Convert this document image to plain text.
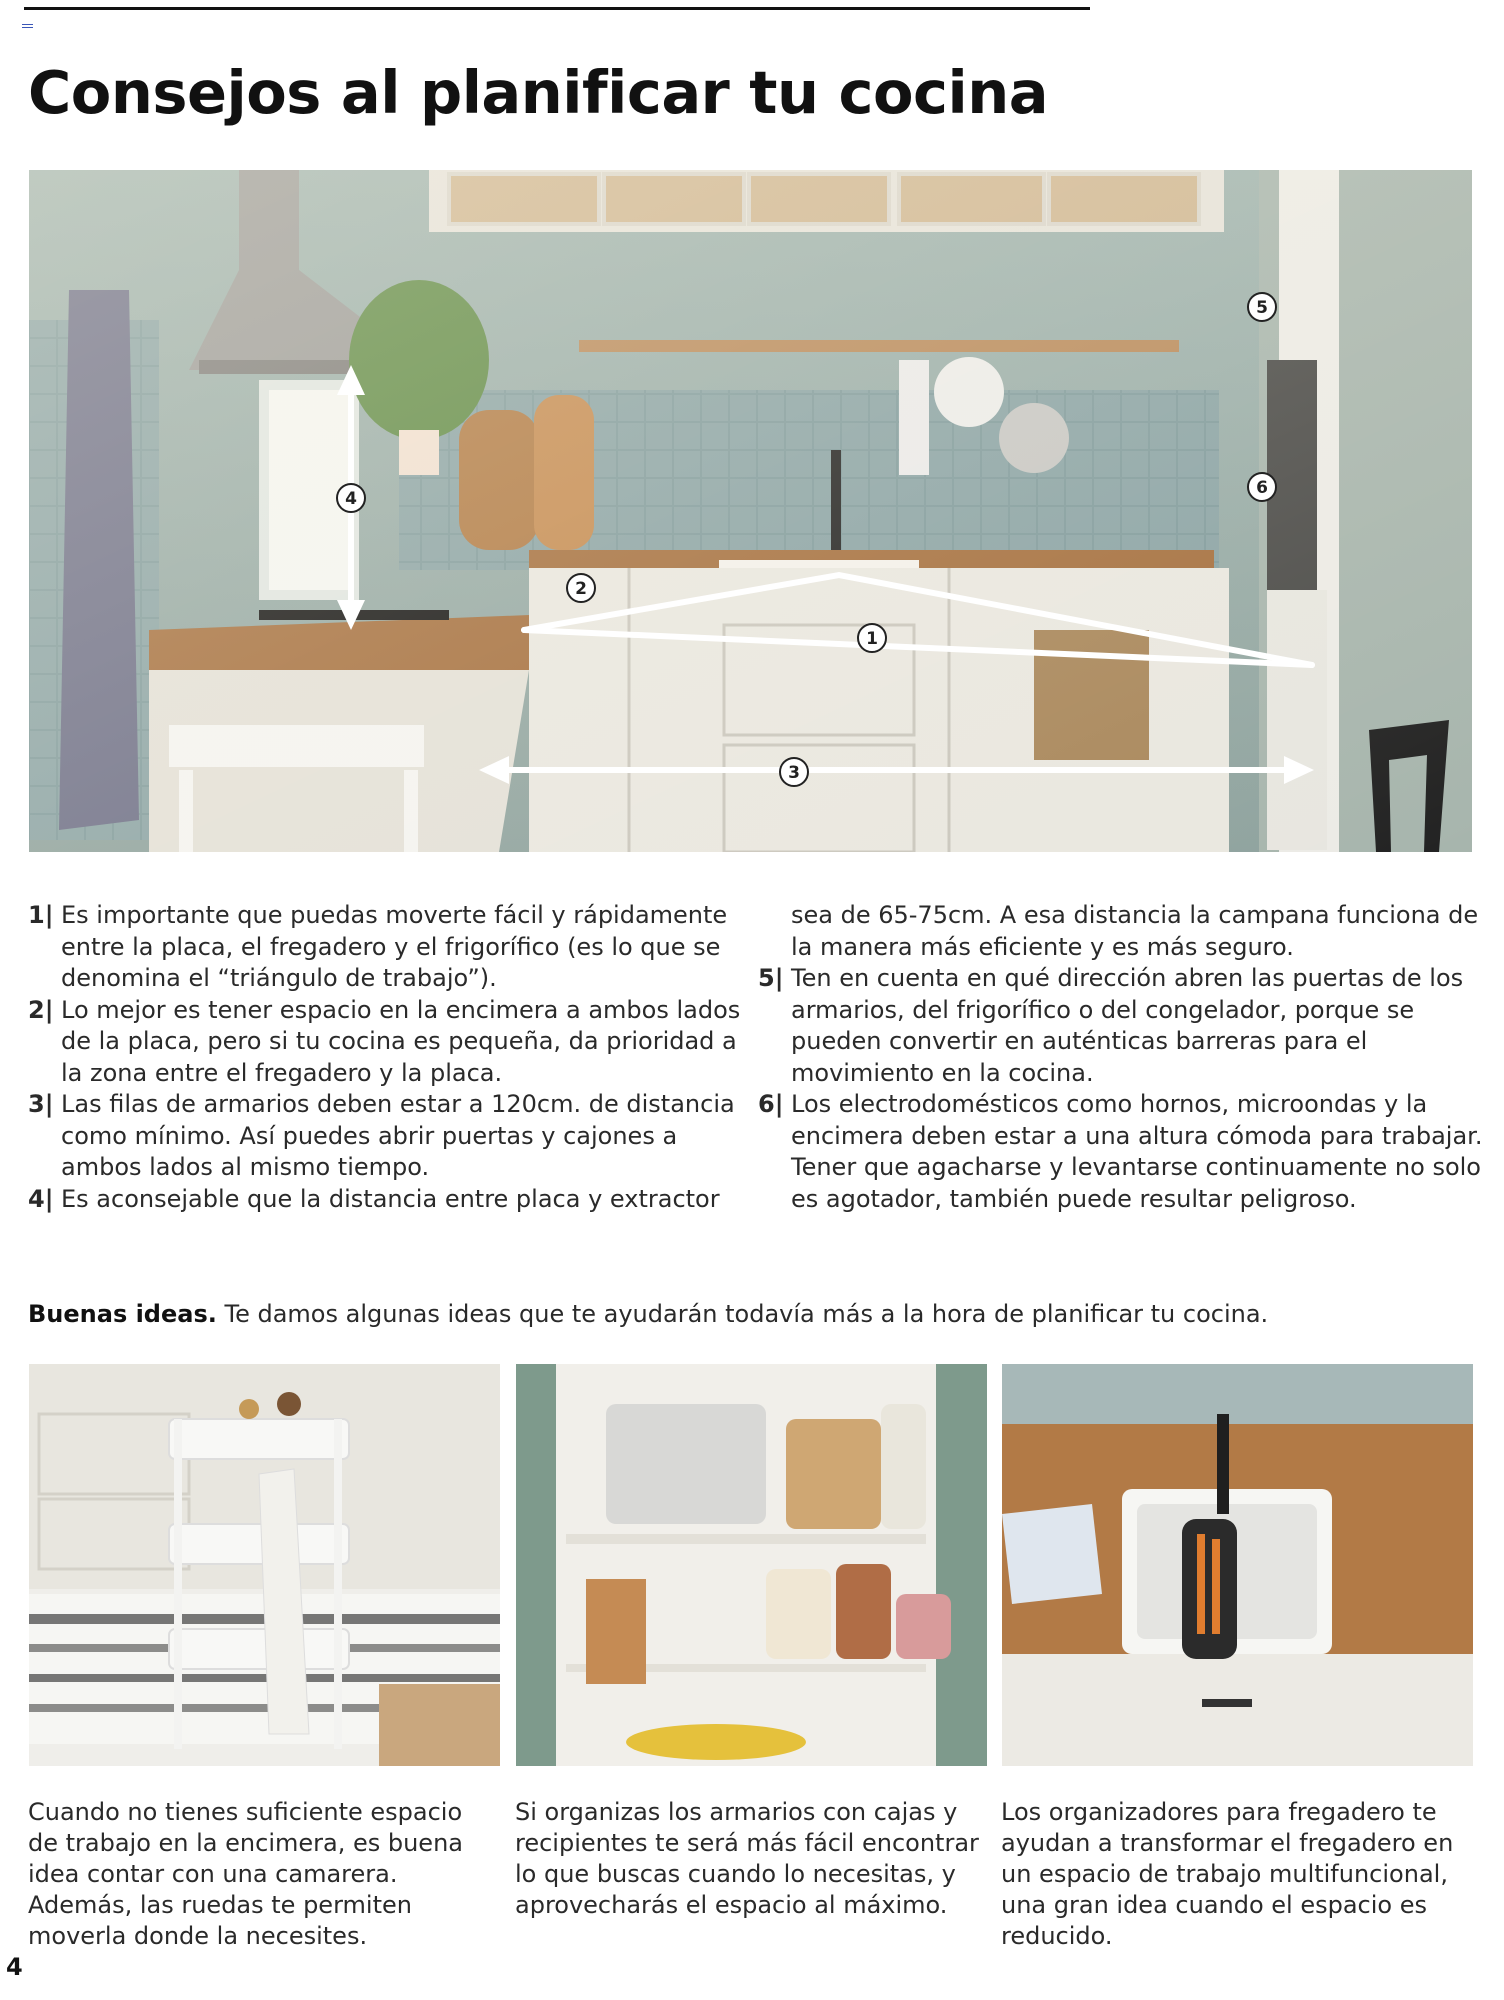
Consejos al planificar tu cocina
1
2
3
4
5
6
1| Es importante que puedas moverte fácil y rápidamente entre la placa, el fregadero y el frigorífico (es lo que se denomina el “triángulo de trabajo”).
2| Lo mejor es tener espacio en la encimera a ambos lados de la placa, pero si tu cocina es pequeña, da prioridad a la zona entre el fregadero y la placa.
3| Las filas de armarios deben estar a 120cm. de distancia como mínimo. Así puedes abrir puertas y cajones a ambos lados al mismo tiempo.
4| Es aconsejable que la distancia entre placa y extractor
sea de 65-75cm. A esa distancia la campana funciona de la manera más eficiente y es más seguro.
5| Ten en cuenta en qué dirección abren las puertas de los armarios, del frigorífico o del congelador, porque se pueden convertir en auténticas barreras para el movimiento en la cocina.
6| Los electrodomésticos como hornos, microondas y la encimera deben estar a una altura cómoda para trabajar. Tener que agacharse y levantarse continuamente no solo es agotador, también puede resultar peligroso.
Buenas ideas. Te damos algunas ideas que te ayudarán todavía más a la hora de planificar tu cocina.
Cuando no tienes suficiente espacio de trabajo en la encimera, es buena idea contar con una camarera. Además, las ruedas te permiten moverla donde la necesites.
Si organizas los armarios con cajas y recipientes te será más fácil encontrar lo que buscas cuando lo necesitas, y aprovecharás el espacio al máximo.
Los organizadores para fregadero te ayudan a transformar el fregadero en un espacio de trabajo multifuncional, una gran idea cuando el espacio es reducido.
4
